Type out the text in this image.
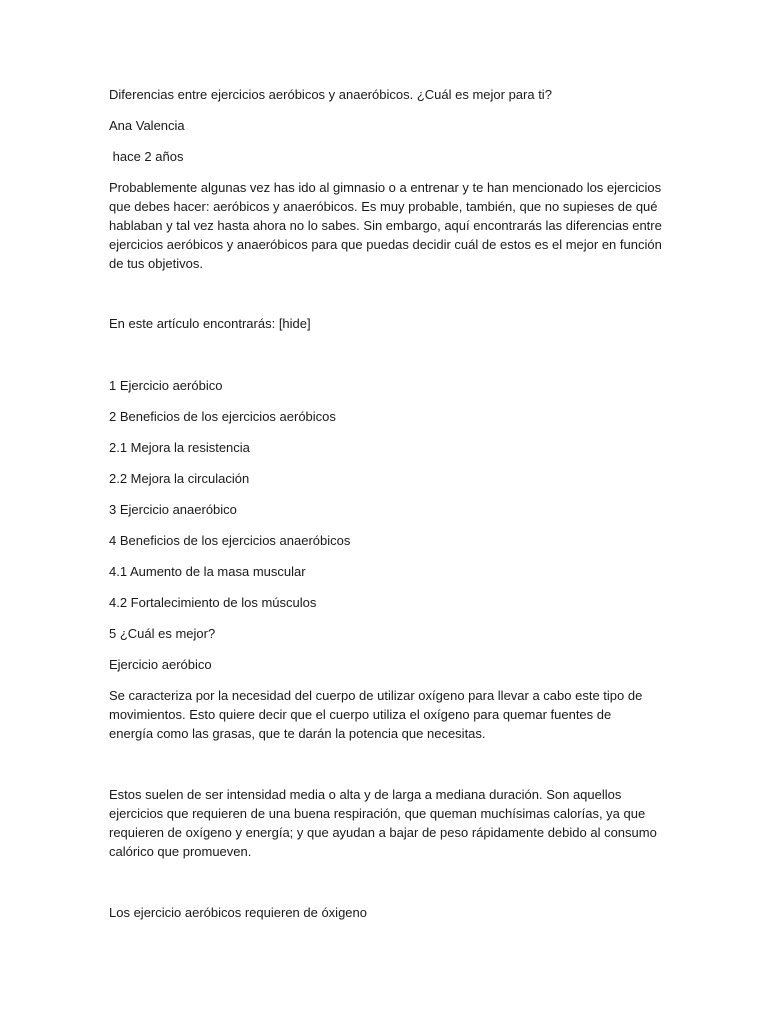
Diferencias entre ejercicios aeróbicos y anaeróbicos. ¿Cuál es mejor para ti?
Ana Valencia
hace 2 años
Probablemente algunas vez has ido al gimnasio o a entrenar y te han mencionado los ejercicios
que debes hacer: aeróbicos y anaeróbicos. Es muy probable, también, que no supieses de qué
hablaban y tal vez hasta ahora no lo sabes. Sin embargo, aquí encontrarás las diferencias entre
ejercicios aeróbicos y anaeróbicos para que puedas decidir cuál de estos es el mejor en función
de tus objetivos.
En este artículo encontrarás: [hide]
1 Ejercicio aeróbico
2 Beneficios de los ejercicios aeróbicos
2.1 Mejora la resistencia
2.2 Mejora la circulación
3 Ejercicio anaeróbico
4 Beneficios de los ejercicios anaeróbicos
4.1 Aumento de la masa muscular
4.2 Fortalecimiento de los músculos
5 ¿Cuál es mejor?
Ejercicio aeróbico
Se caracteriza por la necesidad del cuerpo de utilizar oxígeno para llevar a cabo este tipo de
movimientos. Esto quiere decir que el cuerpo utiliza el oxígeno para quemar fuentes de
energía como las grasas, que te darán la potencia que necesitas.
Estos suelen de ser intensidad media o alta y de larga a mediana duración. Son aquellos
ejercicios que requieren de una buena respiración, que queman muchísimas calorías, ya que
requieren de oxígeno y energía; y que ayudan a bajar de peso rápidamente debido al consumo
calórico que promueven.
Los ejercicio aeróbicos requieren de óxigeno
